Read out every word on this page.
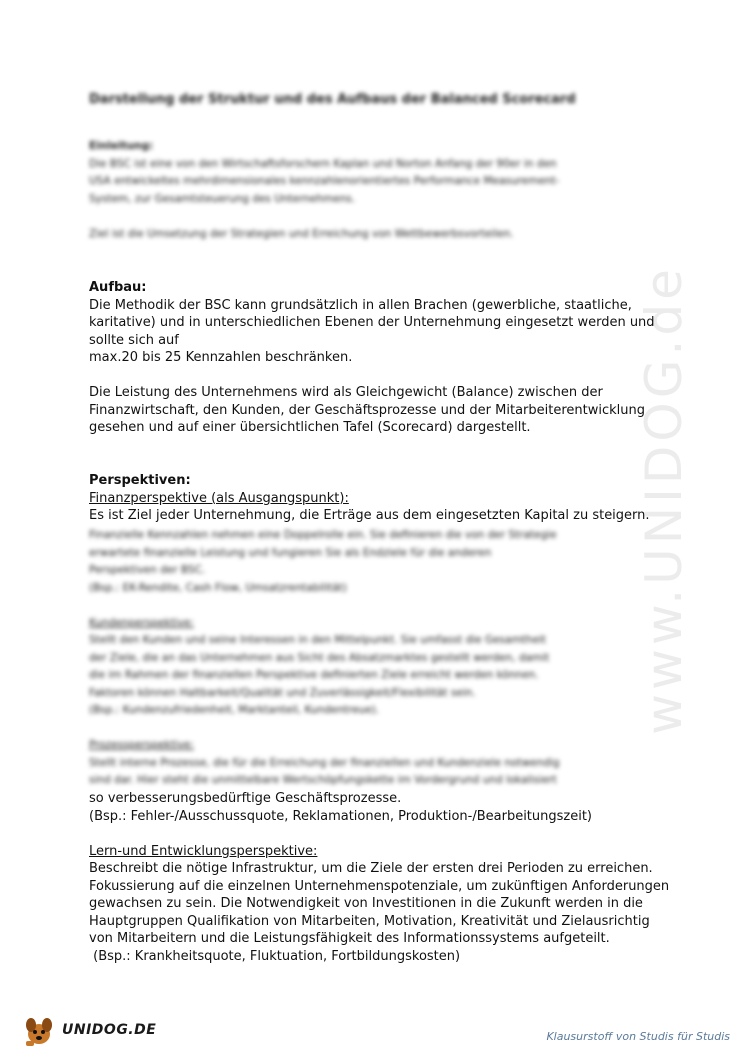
www.UNIDOG.de
Darstellung der Struktur und des Aufbaus der Balanced Scorecard
Einleitung:
Die BSC ist eine von den Wirtschaftsforschern Kaplan und Norton Anfang der 90er in den
USA entwickeltes mehrdimensionales kennzahlenorientiertes Performance Measurement-
System, zur Gesamtsteuerung des Unternehmens.
Ziel ist die Umsetzung der Strategien und Erreichung von Wettbewerbsvorteilen.
Aufbau:
Die Methodik der BSC kann grundsätzlich in allen Brachen (gewerbliche, staatliche,
karitative) und in unterschiedlichen Ebenen der Unternehmung eingesetzt werden und
sollte sich auf
max.20 bis 25 Kennzahlen beschränken.
Die Leistung des Unternehmens wird als Gleichgewicht (Balance) zwischen der
Finanzwirtschaft, den Kunden, der Geschäftsprozesse und der Mitarbeiterentwicklung
gesehen und auf einer übersichtlichen Tafel (Scorecard) dargestellt.
Perspektiven:
Finanzperspektive (als Ausgangspunkt):
Es ist Ziel jeder Unternehmung, die Erträge aus dem eingesetzten Kapital zu steigern.
Finanzielle Kennzahlen nehmen eine Doppelrolle ein. Sie definieren die von der Strategie
erwartete finanzielle Leistung und fungieren Sie als Endziele für die anderen
Perspektiven der BSC.
(Bsp.: EK-Rendite, Cash Flow, Umsatzrentabilität)
Kundenperspektive:
Stellt den Kunden und seine Interessen in den Mittelpunkt. Sie umfasst die Gesamtheit
der Ziele, die an das Unternehmen aus Sicht des Absatzmarktes gestellt werden, damit
die im Rahmen der finanziellen Perspektive definierten Ziele erreicht werden können.
Faktoren können Haltbarkeit/Qualität und Zuverlässigkeit/Flexibilität sein.
(Bsp.: Kundenzufriedenheit, Marktanteil, Kundentreue).
Prozessperspektive:
Stellt interne Prozesse, die für die Erreichung der finanziellen und Kundenziele notwendig
sind dar. Hier steht die unmittelbare Wertschöpfungskette im Vordergrund und lokalisiert
so verbesserungsbedürftige Geschäftsprozesse.
(Bsp.: Fehler-/Ausschussquote, Reklamationen, Produktion-/Bearbeitungszeit)
Lern-und Entwicklungsperspektive:
Beschreibt die nötige Infrastruktur, um die Ziele der ersten drei Perioden zu erreichen.
Fokussierung auf die einzelnen Unternehmenspotenziale, um zukünftigen Anforderungen
gewachsen zu sein. Die Notwendigkeit von Investitionen in die Zukunft werden in die
Hauptgruppen Qualifikation von Mitarbeiten, Motivation, Kreativität und Zielausrichtig
von Mitarbeitern und die Leistungsfähigkeit des Informationssystems aufgeteilt.
(Bsp.: Krankheitsquote, Fluktuation, Fortbildungskosten)
UNIDOG.DE	Klausurstoff von Studis für Studis
